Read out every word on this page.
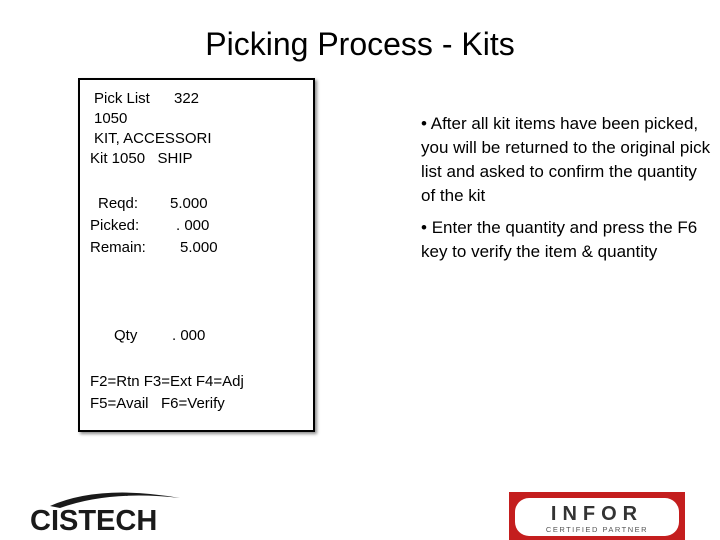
Picking Process - Kits
Pick List 322
1050
KIT, ACCESSORI
Kit 1050   SHIP
Reqd: 5.000
Picked: . 000
Remain: 5.000
Qty . 000
F2=Rtn F3=Ext F4=Adj
F5=Avail   F6=Verify
• After all kit items have been picked, you will be returned to the original pick list and asked to confirm the quantity of the kit
• Enter the quantity and press the F6 key to verify the item & quantity
CISTECH	INFOR
CERTIFIED PARTNER
